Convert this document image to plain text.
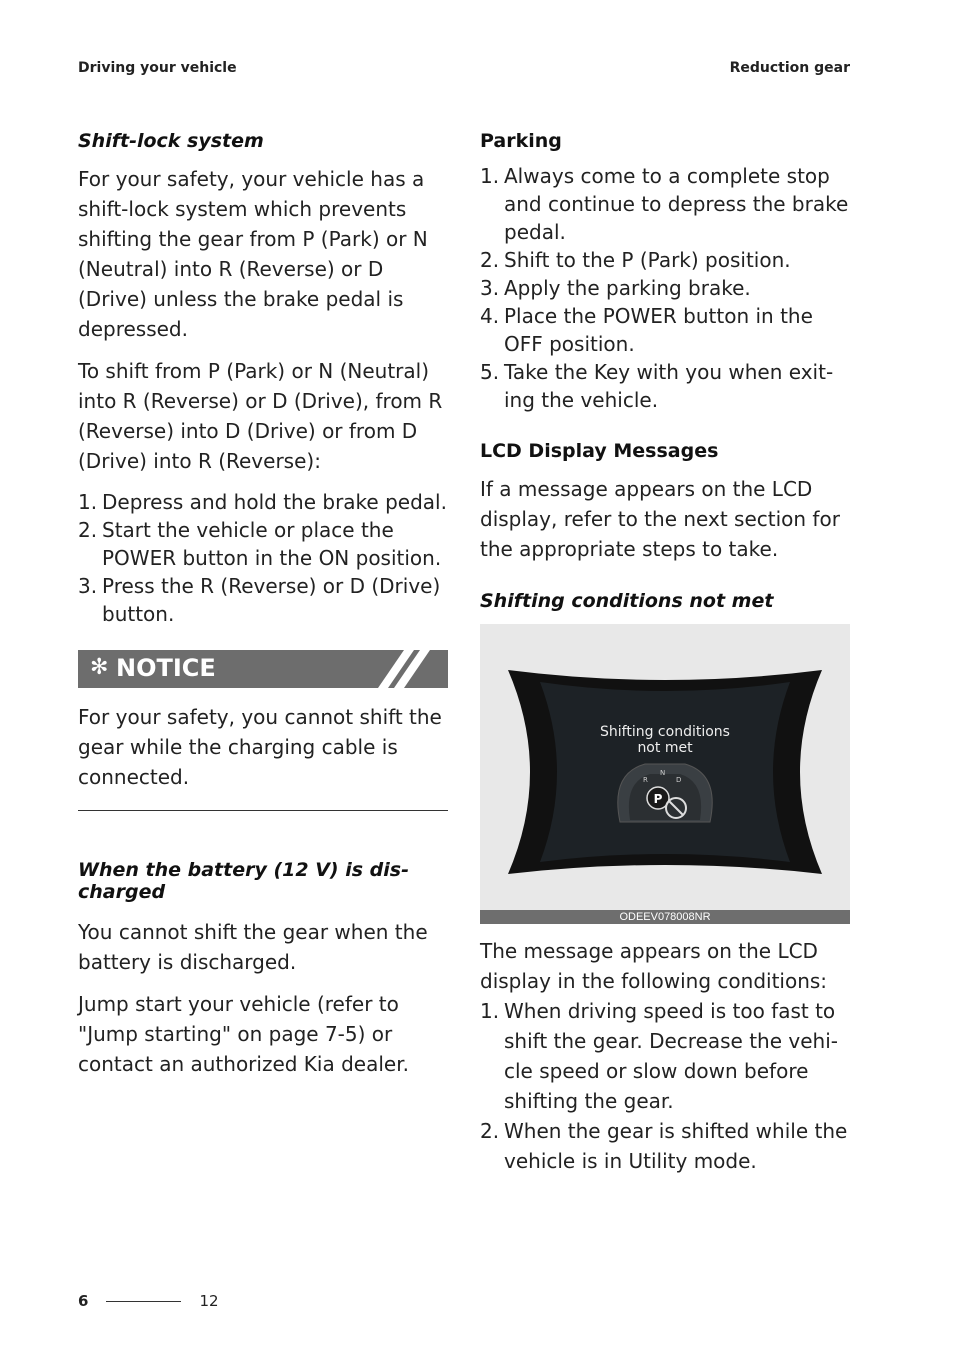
Driving your vehicle	Reduction gear
Shift-lock system

For your safety, your vehicle has a shift-lock system which prevents shifting the gear from P (Park) or N (Neutral) into R (Reverse) or D (Drive) unless the brake pedal is depressed.

To shift from P (Park) or N (Neutral) into R (Reverse) or D (Drive), from R (Reverse) into D (Drive) or from D (Drive) into R (Reverse):

1. Depress and hold the brake pedal.
2. Start the vehicle or place the POWER button in the ON position.
3. Press the R (Reverse) or D (Drive) button.
✻ NOTICE

For your safety, you cannot shift the gear while the charging cable is connected.

When the battery (12 V) is dis-charged

You cannot shift the gear when the battery is discharged.

Jump start your vehicle (refer to "Jump starting" on page 7-5) or contact an authorized Kia dealer.

Parking
1. Always come to a complete stop and continue to depress the brake pedal.
2. Shift to the P (Park) position.
3. Apply the parking brake.
4. Place the POWER button in the OFF position.
5. Take the Key with you when exit-ing the vehicle.
LCD Display Messages

If a message appears on the LCD display, refer to the next section for the appropriate steps to take.

Shifting conditions not met
Shifting conditions
not met
R
N
D
P
ODEEV078008NR

The message appears on the LCD display in the following conditions:

1. When driving speed is too fast to shift the gear. Decrease the vehi-cle speed or slow down before shifting the gear.
2. When the gear is shifted while the vehicle is in Utility mode.
6	12
